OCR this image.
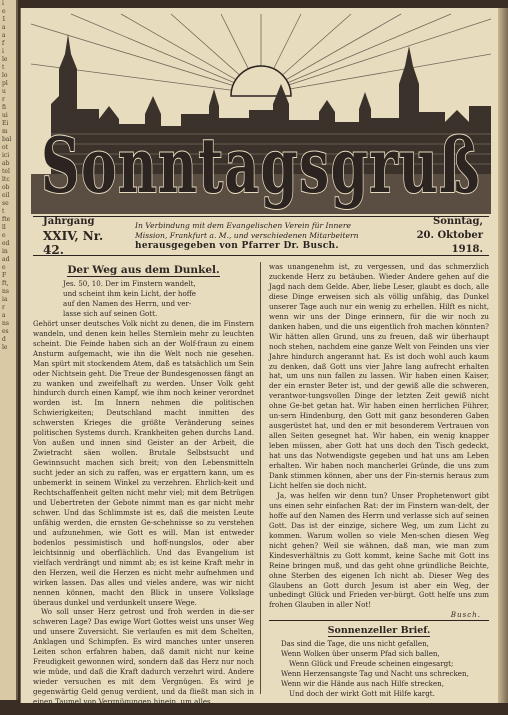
i
e
1
a
a
f
i
le
t
lo
pl
u
r
fi
ui
Ei
m
bal
ot
ici
ab
tel
ltc
ob
eil
se
t
fte
ll
e
ed
in
ad
e
F
ft,
ns
ia
r
a
ns
es
d
le
Sonntagsgruß
Jahrgang
XXIV, Nr. 42.
In Verbindung mit dem Evangelischen Verein für Innere
Mission, Frankfurt a. M., und verschiedenen Mitarbeitern
herausgegeben von Pfarrer Dr. Busch.
Sonntag,
20. Oktober 1918.
Der Weg aus dem Dunkel.
Jes. 50, 10. Der im Finstern wandelt,
und scheint ihm kein Licht, der hoffe
auf den Namen des Herrn, und ver-
lasse sich auf seinen Gott.

Gehört unser deutsches Volk nicht zu denen, die im Finstern wandeln, und denen kein helles Sternlein mehr zu leuchten scheint. Die Feinde haben sich an der Wolf-fraun zu einem Ansturm aufgemacht, wie ihn die Welt noch nie gesehen. Man spürt mit stockendem Atem, daß es tatsächlich um Sein oder Nichtsein geht. Die Treue der Bundesgenossen fängt an zu wanken und zweifelhaft zu werden. Unser Volk geht hindurch durch einen Kampf, wie ihm noch keiner verordnet worden ist. Im Innern nehmen die politischen Schwierigkeiten; Deutschland macht inmitten des schwersten Krieges die größte Veränderung seines politischen Systems durch. Krankheiten gehen durchs Land. Von außen und innen sind Geister an der Arbeit, die Zwietracht säen wollen. Brutale Selbstsucht und Gewinnsucht machen sich breit; von den Lebensmitteln sucht jeder an sich zu raffen, was er ergattern kann, um es unbemerkt in seinem Winkel zu verzehren. Ehrlich-keit und Rechtschaffenheit gelten nicht mehr viel; mit dem Betrügen und Uebertreten der Gebote nimmt man es gar nicht mehr schwer. Und das Schlimmste ist es, daß die meisten Leute unfähig werden, die ernsten Ge-schehnisse so zu verstehen und aufzunehmen, wie Gott es will. Man ist entweder bodenlos pessimistisch und hoff-nungslos, oder aber leichtsinnig und oberflächlich. Und das Evangelium ist vielfach verdrängt und nimmt ab; es ist keine Kraft mehr in den Herzen, weil die Herzen es nicht mehr aufnehmen und wirken lassen. Das alles und vieles andere, was wir nicht nennen können, macht den Blick in unsere Volkslage überaus dunkel und verdunkelt unsere Wege.

Wo soll unser Herz getrost und froh werden in die-ser schweren Lage? Das ewige Wort Gottes weist uns unser Weg und unsere Zuversicht. Sie verlaufen es mit dem Schelten, Anklagen und Schimpfen. Es wird manches unter unseren Leiten schon erfahren haben, daß damit nicht nur keine Freudigkeit gewonnen wird, sondern daß das Herz nur noch wie müde, und daß die Kraft dadurch verzehrt wird. Andere wieder versuchen es mit dem Vergnügen. Es wird je gegenwärtig Geld genug verdient, und da fließt man sich in einen Taumel von Vergnügungen hinein, um alles,

was unangenehm ist, zu vergessen, und das schmerzlich zuckende Herz zu betäuben. Wieder Andere gehen auf die Jagd nach dem Gelde. Aber, liebe Leser, glaubt es doch, alle diese Dinge erweisen sich als völlig unfähig, das Dunkel unserer Tage auch nur ein wenig zu erhellen. Hilft es nicht, wenn wir uns der Dinge erinnern, für die wir noch zu danken haben, und die uns eigentlich froh machen könnten? Wir hätten allen Grund, uns zu freuen, daß wir überhaupt noch stehen, nachdem eine ganze Welt von Feinden uns vier Jahre hindurch angerannt hat. Es ist doch wohl auch kaum zu denken, daß Gott uns vier Jahre lang aufrecht erhalten hat, um uns nun fallen zu lassen. Wir haben einen Kaiser, der ein ernster Beter ist, und der gewiß alle die schweren, verantwor-tungsvollen Dinge der letzten Zeit gewiß nicht ohne Ge-bet getan hat. Wir haben einen herrlichen Führer, un-sern Hindenburg, den Gott mit ganz besonderen Gaben ausgerüstet hat, und den er mit besonderem Vertrauen von allen Seiten gesegnet hat. Wir haben, ein wenig knapper leben müssen, aber Gott hat uns doch den Tisch gedeckt, hat uns das Notwendigste gegeben und hat uns am Leben erhalten. Wir haben noch mancherlei Gründe, die uns zum Dank stimmen können, aber uns der Fin-sternis heraus zum Licht helfen sie doch nicht.

Ja, was helfen wir denn tun? Unser Prophetenwort gibt uns einen sehr einfachen Rat: der im Finstern wan-delt, der hoffe auf den Namen des Herrn und verlasse sich auf seinen Gott. Das ist der einzige, sichere Weg, um zum Licht zu kommen. Warum wollen so viele Men-schen diesen Weg nicht gehen? Weil sie wähnen, daß man, wie man zum Kindesverhältnis zu Gott kommt, keine Sache mit Gott ins Reine bringen muß, und das geht ohne gründliche Beichte, ohne Sterben des eigenen Ich nicht ab. Dieser Weg des Glaubens an Gott durch Jesum ist aber ein Weg, der unbedingt Glück und Frieden ver-bürgt. Gott helfe uns zum frohen Glauben in aller Not!

Busch.
Sonnenzeller Brief.
Das sind die Tage, die uns nicht gefallen,
Wenn Wolken über unserm Pfad sich ballen,
Wenn Glück und Freude scheinen eingesargt;
Wenn Herzensangste Tag und Nacht uns schrecken,
Wenn wir die Hände aus nach Hilfe strecken,
Und doch der wirkt Gott mit Hilfe kargt.
